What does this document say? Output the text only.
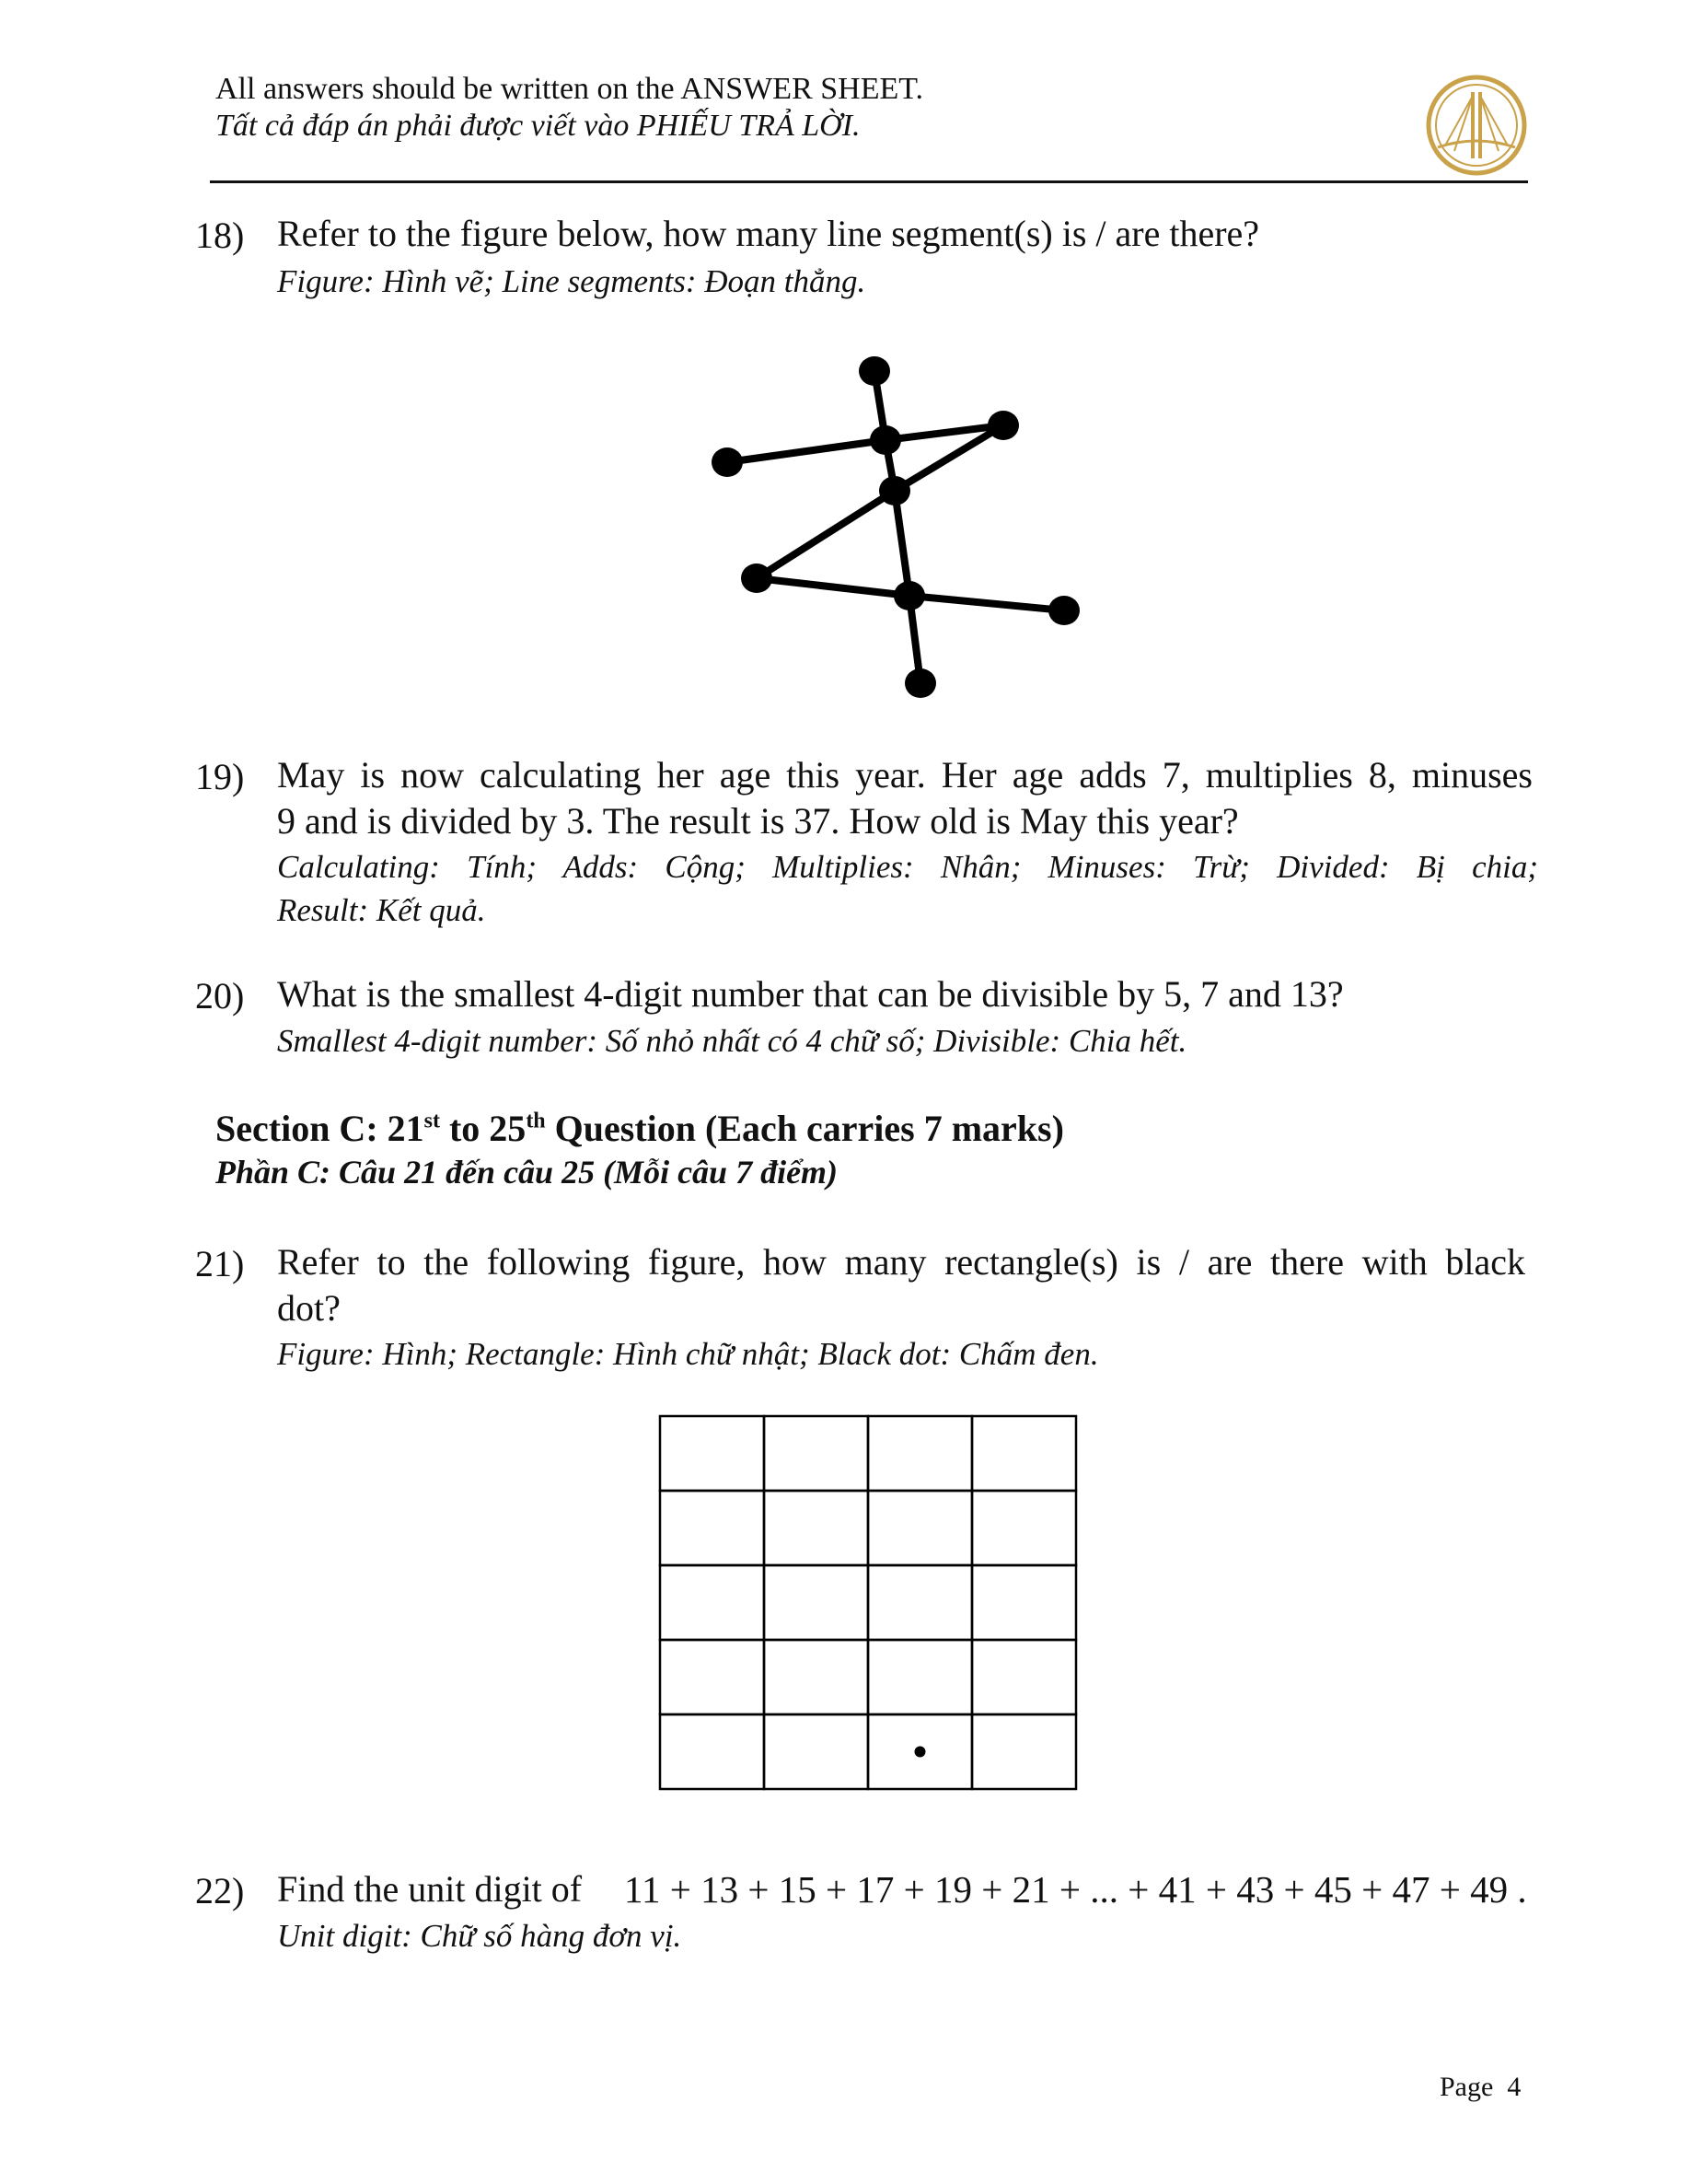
All answers should be written on the ANSWER SHEET.
Tất cả đáp án phải được viết vào PHIẾU TRẢ LỜI.
18) Refer to the figure below, how many line segment(s) is / are there?
Figure: Hình vẽ; Line segments: Đoạn thẳng.
19) May is now calculating her age this year. Her age adds 7, multiplies 8, minuses
9 and is divided by 3. The result is 37. How old is May this year?
Calculating: Tính; Adds: Cộng; Multiplies: Nhân; Minuses: Trừ; Divided: Bị chia;
Result: Kết quả.
20) What is the smallest 4-digit number that can be divisible by 5, 7 and 13?
Smallest 4-digit number: Số nhỏ nhất có 4 chữ số; Divisible: Chia hết.
Section C: 21st to 25th Question (Each carries 7 marks)
Phần C: Câu 21 đến câu 25 (Mỗi câu 7 điểm)
21) Refer to the following figure, how many rectangle(s) is / are there with black
dot?
Figure: Hình; Rectangle: Hình chữ nhật; Black dot: Chấm đen.
22) Find the unit digit of 11 + 13 + 15 + 17 + 19 + 21 + ... + 41 + 43 + 45 + 47 + 49 .
Unit digit: Chữ số hàng đơn vị.
Page  4
